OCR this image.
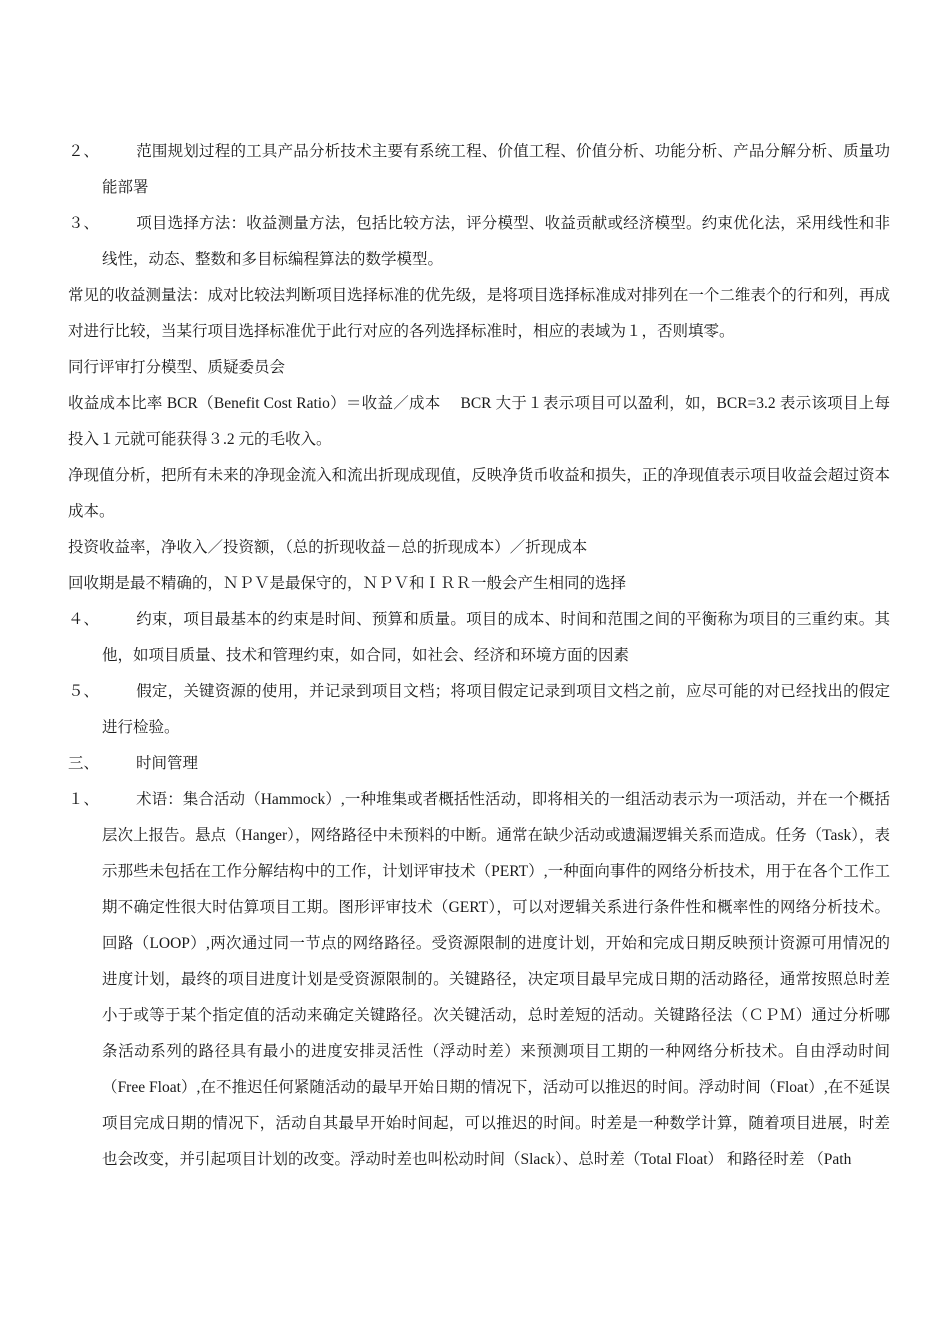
２、 范围规划过程的工具产品分析技术主要有系统工程、价值工程、价值分析、功能分析、产品分解分析、质量功能部署
３、 项目选择方法：收益测量方法，包括比较方法，评分模型、收益贡献或经济模型。约束优化法，采用线性和非线性，动态、整数和多目标编程算法的数学模型。
常见的收益测量法：成对比较法判断项目选择标准的优先级，是将项目选择标准成对排列在一个二维表个的行和列，再成对进行比较，当某行项目选择标准优于此行对应的各列选择标准时，相应的表域为１，否则填零。
同行评审打分模型、质疑委员会
收益成本比率 BCR（Benefit Cost Ratio）＝收益／成本　 BCR 大于１表示项目可以盈利，如，BCR=3.2 表示该项目上每投入１元就可能获得３.2 元的毛收入。
净现值分析，把所有未来的净现金流入和流出折现成现值，反映净货币收益和损失，正的净现值表示项目收益会超过资本成本。
投资收益率，净收入／投资额，（总的折现收益－总的折现成本）／折现成本
回收期是最不精确的，ＮＰＶ是最保守的，ＮＰＶ和ＩＲＲ一般会产生相同的选择
４、 约束，项目最基本的约束是时间、预算和质量。项目的成本、时间和范围之间的平衡称为项目的三重约束。其他，如项目质量、技术和管理约束，如合同，如社会、经济和环境方面的因素
５、 假定，关键资源的使用，并记录到项目文档；将项目假定记录到项目文档之前，应尽可能的对已经找出的假定进行检验。
三、 时间管理
１、 术语：集合活动（Hammock）,一种堆集或者概括性活动，即将相关的一组活动表示为一项活动，并在一个概括层次上报告。悬点（Hanger），网络路径中未预料的中断。通常在缺少活动或遗漏逻辑关系而造成。任务（Task），表示那些未包括在工作分解结构中的工作，计划评审技术（PERT）,一种面向事件的网络分析技术，用于在各个工作工期不确定性很大时估算项目工期。图形评审技术（GERT），可以对逻辑关系进行条件性和概率性的网络分析技术。回路（LOOP）,两次通过同一节点的网络路径。受资源限制的进度计划，开始和完成日期反映预计资源可用情况的进度计划，最终的项目进度计划是受资源限制的。关键路径，决定项目最早完成日期的活动路径，通常按照总时差小于或等于某个指定值的活动来确定关键路径。次关键活动，总时差短的活动。关键路径法（ＣＰＭ）通过分析哪条活动系列的路径具有最小的进度安排灵活性（浮动时差）来预测项目工期的一种网络分析技术。自由浮动时间（Free Float）,在不推迟任何紧随活动的最早开始日期的情况下，活动可以推迟的时间。浮动时间（Float）,在不延误项目完成日期的情况下，活动自其最早开始时间起，可以推迟的时间。时差是一种数学计算，随着项目进展，时差也会改变，并引起项目计划的改变。浮动时差也叫松动时间（Slack）、总时差（Total Float） 和路径时差 （Path
